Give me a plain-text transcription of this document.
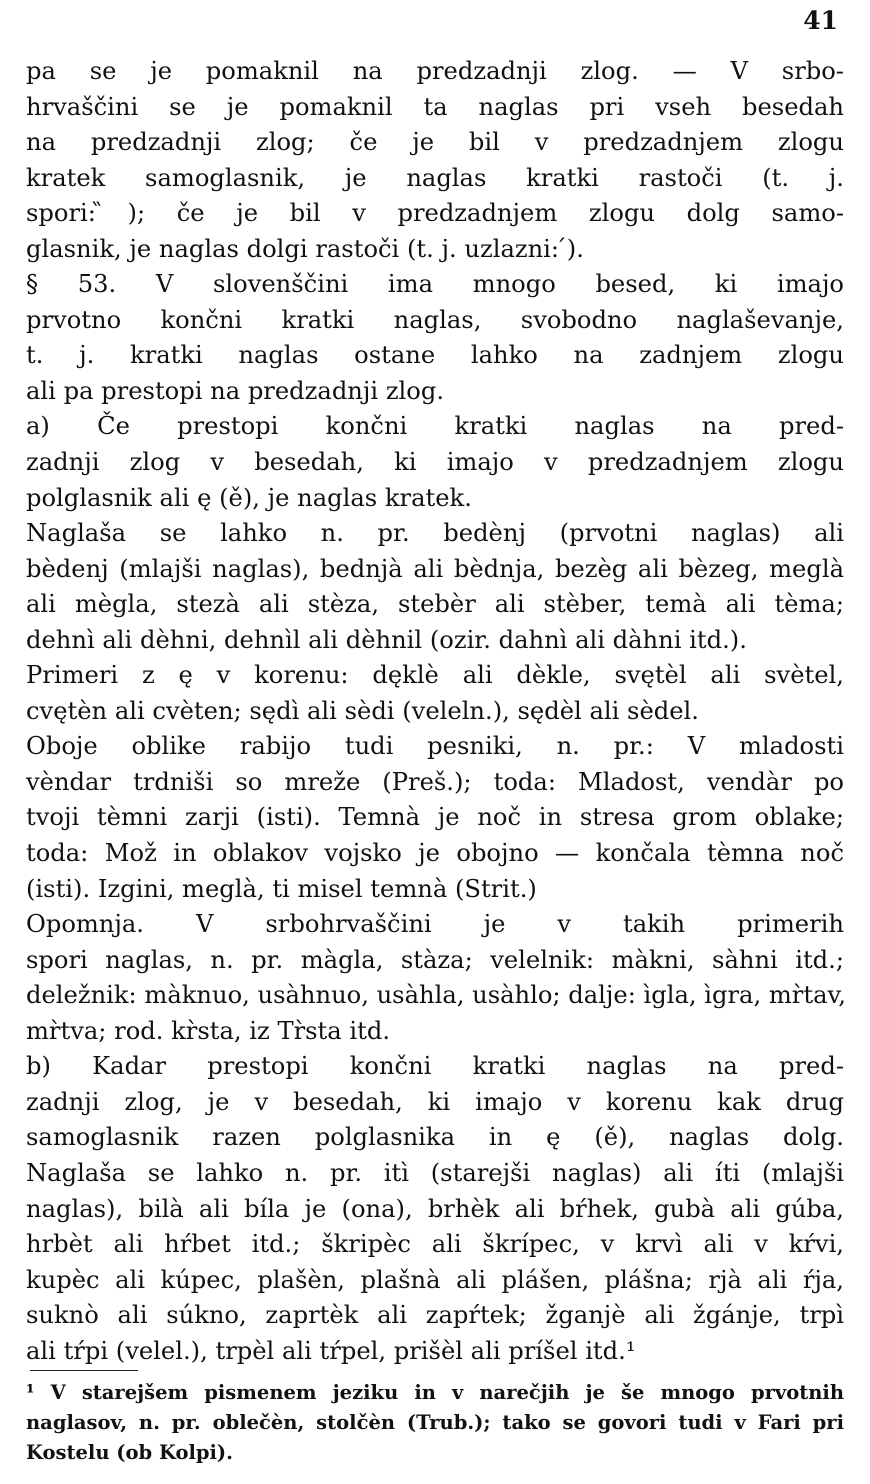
41
pa se je pomaknil na predzadnji zlog. — V srbo-
hrvaščini se je pomaknil ta naglas pri vseh besedah
na predzadnji zlog; če je bil v predzadnjem zlogu
kratek samoglasnik, je naglas kratki rastoči (t. j.
spori: ̏); če je bil v predzadnjem zlogu dolg samo-
glasnik, je naglas dolgi rastoči (t. j. uzlazni: ́).
§ 53. V slovenščini ima mnogo besed, ki imajo
prvotno končni kratki naglas, svobodno naglaševanje,
t. j. kratki naglas ostane lahko na zadnjem zlogu
ali pa prestopi na predzadnji zlog.
a) Če prestopi končni kratki naglas na pred-
zadnji zlog v besedah, ki imajo v predzadnjem zlogu
polglasnik ali ę (ě), je naglas kratek.
Naglaša se lahko n. pr. bedènj (prvotni naglas) ali
bèdenj (mlajši naglas), bednjà ali bèdnja, bezèg ali bèzeg, meglà
ali mègla, stezà ali stèza, stebèr ali stèber, temà ali tèma;
dehnì ali dèhni, dehnìl ali dèhnil (ozir. dahnì ali dàhni itd.).
Primeri z ę v korenu: dęklè ali dèkle, svętèl ali svètel,
cvętèn ali cvèten; sędì ali sèdi (veleln.), sędèl ali sèdel.
Oboje oblike rabijo tudi pesniki, n. pr.: V mladosti
vèndar trdniši so mreže (Preš.); toda: Mladost, vendàr po
tvoji tèmni zarji (isti). Temnà je noč in stresa grom oblake;
toda: Mož in oblakov vojsko je obojno — končala tèmna noč
(isti). Izgini, meglà, ti misel temnà (Strit.)
Opomnja. V srbohrvaščini je v takih primerih
spori naglas, n. pr. màgla, stàza; velelnik: màkni, sàhni itd.;
deležnik: màknuo, usàhnuo, usàhla, usàhlo; dalje: ìgla, ìgra, mr̀tav,
mr̀tva; rod. kr̀sta, iz Tr̀sta itd.
b) Kadar prestopi končni kratki naglas na pred-
zadnji zlog, je v besedah, ki imajo v korenu kak drug
samoglasnik razen polglasnika in ę (ě), naglas dolg.
Naglaša se lahko n. pr. itì (starejši naglas) ali íti (mlajši
naglas), bilà ali bíla je (ona), brhèk ali bŕhek, gubà ali gúba,
hrbèt ali hŕbet itd.; škripèc ali škrípec, v krvì ali v kŕvi,
kupèc ali kúpec, plašèn, plašnà ali plášen, plášna; rjà ali ŕja,
suknò ali súkno, zaprtèk ali zapŕtek; žganjè ali žgánje, trpì
ali tŕpi (velel.), trpèl ali tŕpel, prišèl ali príšel itd.¹
¹ V starejšem pismenem jeziku in v narečjih je še mnogo prvotnih
naglasov, n. pr. oblečèn, stolčèn (Trub.); tako se govori tudi v Fari pri
Kostelu (ob Kolpi).
